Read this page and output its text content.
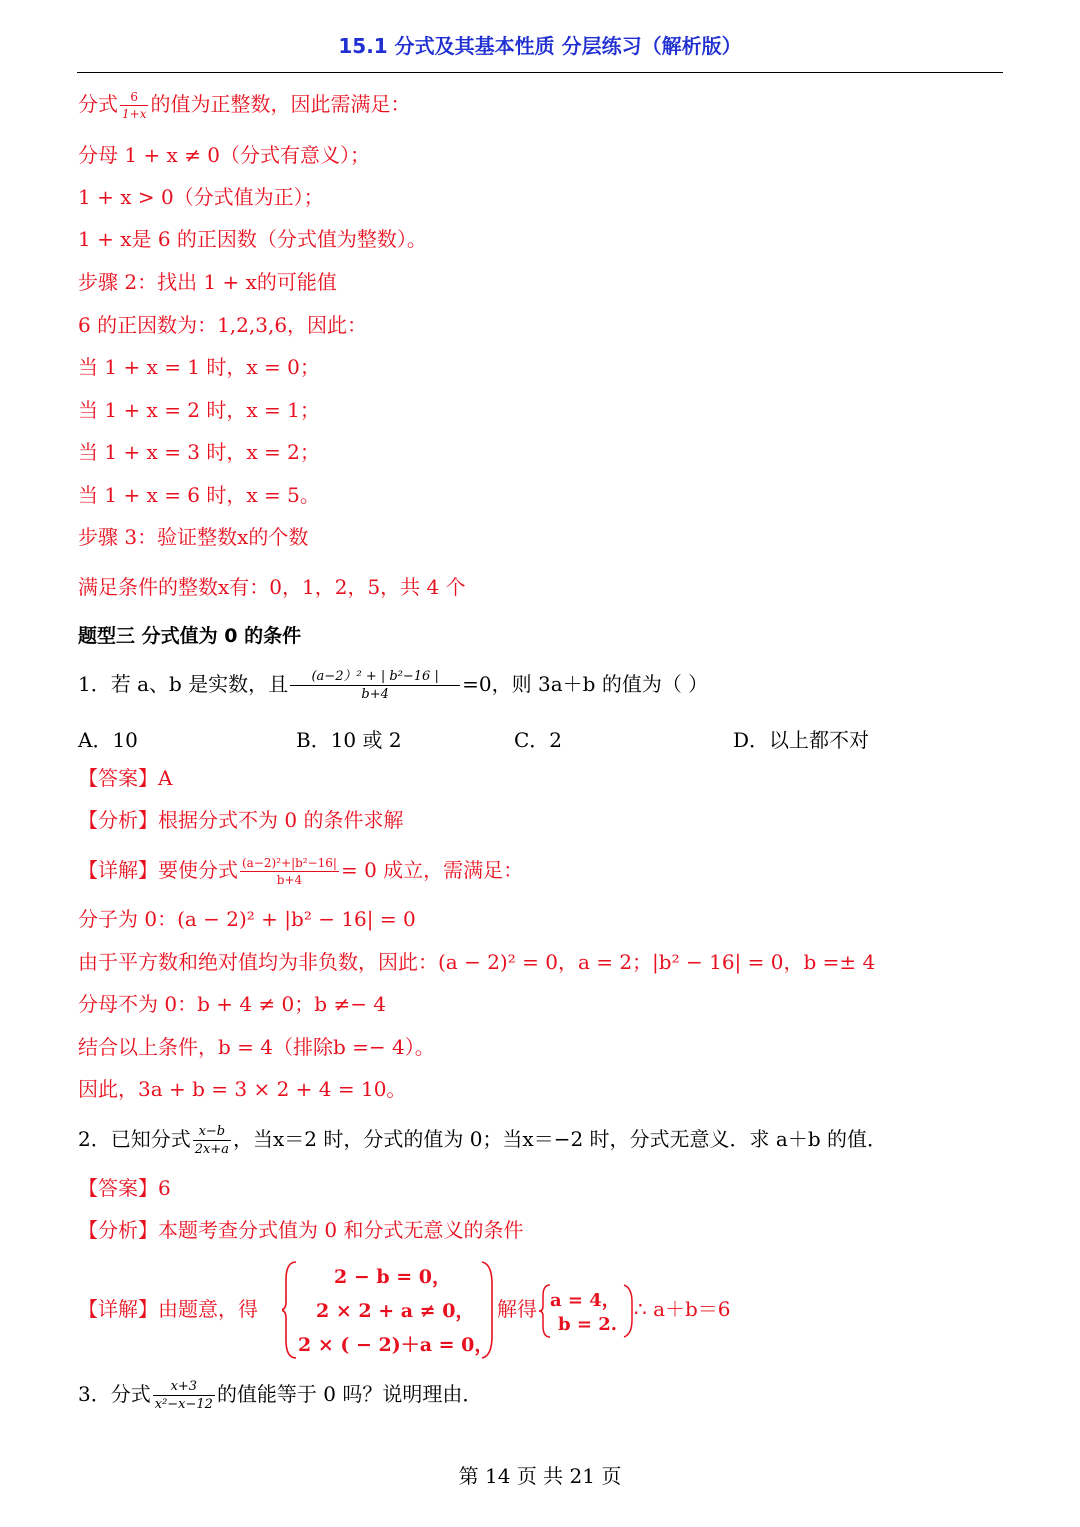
15.1 分式及其基本性质 分层练习（解析版）
分式 $\frac{6}{1+x}$ 的值为正整数，因此需满足：
分母 1 + x ≠ 0（分式有意义）；
1 + x > 0（分式值为正）；
1 + x是 6 的正因数（分式值为整数）。
步骤 2：找出 1 + x的可能值
6 的正因数为：1,2,3,6，因此：
当 1 + x = 1 时，x = 0；
当 1 + x = 2 时，x = 1；
当 1 + x = 3 时，x = 2；
当 1 + x = 6 时，x = 5。
步骤 3：验证整数x的个数
满足条件的整数x有：0，1，2，5，共 4 个
题型三 分式值为 0 的条件
1．若 a、b 是实数，且 $\frac{\text{(a−2）² + | b²−16 |}}{b+4} =0$，则 3a＋b 的值为（ ）
A．10	B．10 或 2	C．2	D．以上都不对
【答案】A
【分析】根据分式不为 0 的条件求解
【详解】要使分式 $\frac{\text{(a−2)²+|b²−16|}}{b+4} = 0$ 成立，需满足：
分子为 0：(a − 2)² + |b² − 16| = 0
由于平方数和绝对值均为非负数，因此：(a − 2)² = 0，a = 2；|b² − 16| = 0，b =± 4
分母不为 0：b + 4 ≠ 0；b ≠− 4
结合以上条件，b = 4（排除b =− 4）。
因此，3a + b = 3 × 2 + 4 = 10。
2．已知分式 $\frac{x-b}{2x+a}$ ，当x＝2 时，分式的值为 0；当x＝−2 时，分式无意义．求 a＋b 的值．
【答案】6
【分析】本题考查分式值为 0 和分式无意义的条件
【详解】由题意，得
2 − b = 0，
2 × 2 + a ≠ 0，
2 × ( − 2)＋a = 0，
解得 a = 4，
b = 2.
∴ a＋b＝6
3．分式 $\frac{x+3}{\text{x²−x−12}}$ 的值能等于 0 吗？说明理由．
第 14 页 共 21 页
